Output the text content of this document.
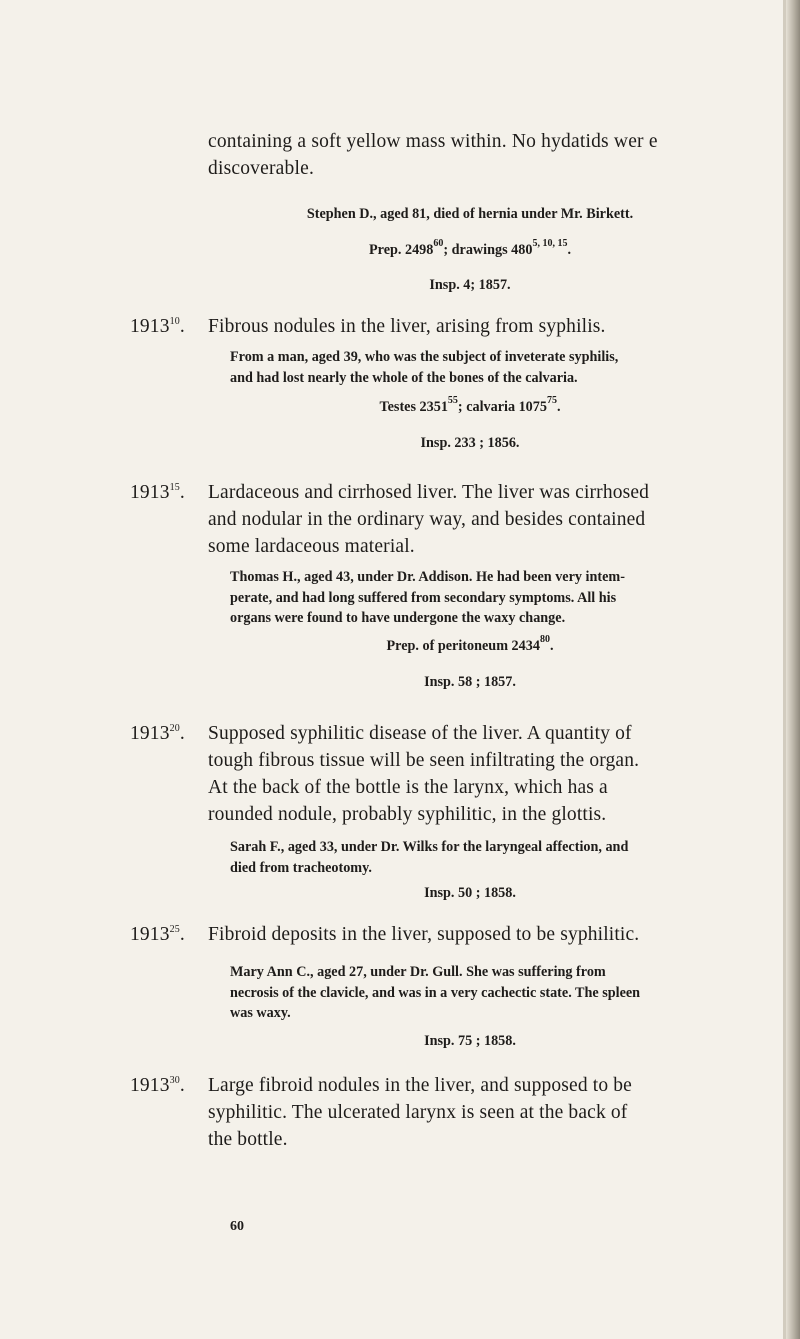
containing a soft yellow mass within. No hydatids wer e
discoverable.
Stephen D., aged 81, died of hernia under Mr. Birkett.
Prep. 2498$^{60}$; drawings 480$^{5, 10, 15}$.
Insp. 4; 1857.
1913$^{10}$.	Fibrous nodules in the liver, arising from syphilis.
From a man, aged 39, who was the subject of inveterate syphilis,
and had lost nearly the whole of the bones of the calvaria.
Testes 2351$^{55}$; calvaria 1075$^{75}$.
Insp. 233 ; 1856.
1913$^{15}$.	Lardaceous and cirrhosed liver. The liver was cirrhosed
and nodular in the ordinary way, and besides contained
some lardaceous material.
Thomas H., aged 43, under Dr. Addison. He had been very intem-
perate, and had long suffered from secondary symptoms. All his
organs were found to have undergone the waxy change.
Prep. of peritoneum 2434$^{80}$.
Insp. 58 ; 1857.
1913$^{20}$.	Supposed syphilitic disease of the liver. A quantity of
tough fibrous tissue will be seen infiltrating the organ.
At the back of the bottle is the larynx, which has a
rounded nodule, probably syphilitic, in the glottis.
Sarah F., aged 33, under Dr. Wilks for the laryngeal affection, and
died from tracheotomy.
Insp. 50 ; 1858.
1913$^{25}$.	Fibroid deposits in the liver, supposed to be syphilitic.
Mary Ann C., aged 27, under Dr. Gull. She was suffering from
necrosis of the clavicle, and was in a very cachectic state. The spleen
was waxy.
Insp. 75 ; 1858.
1913$^{30}$.	Large fibroid nodules in the liver, and supposed to be
syphilitic. The ulcerated larynx is seen at the back of
the bottle.
60
